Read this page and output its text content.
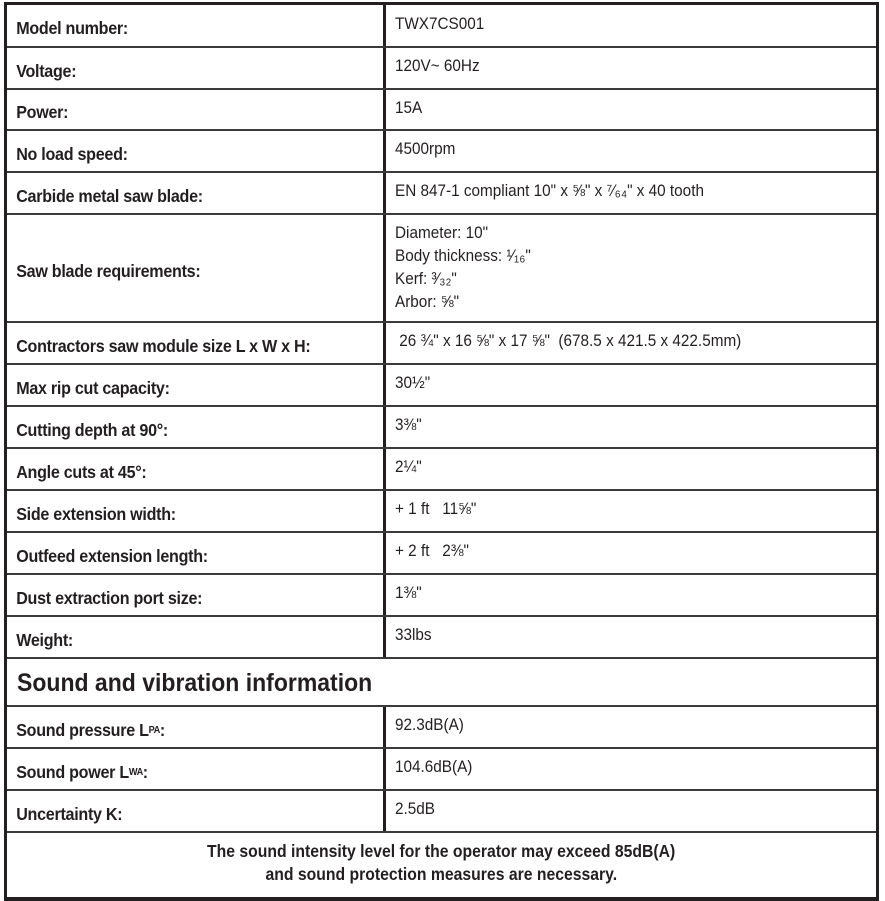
Model number:	TWX7CS001
Voltage:	120V~ 60Hz
Power:	15A
No load speed:	4500rpm
Carbide metal saw blade:	EN 847-1 compliant 10" x ⅝" x ⁷⁄₆₄" x 40 tooth
Saw blade requirements:
Diameter: 10"
Body thickness: ¹⁄₁₆"
Kerf: ³⁄₃₂"
Arbor: ⅝"
Contractors saw module size L x W x H:	26 ¾" x 16 ⅝" x 17 ⅝"  (678.5 x 421.5 x 422.5mm)
Max rip cut capacity:	30½"
Cutting depth at 90°:	3⅜"
Angle cuts at 45°:	2¼"
Side extension width:	+ 1 ft   11⅝"
Outfeed extension length:	+ 2 ft   2⅜"
Dust extraction port size:	1⅜"
Weight:	33lbs
Sound and vibration information
Sound pressure L PA :	92.3dB(A)
Sound power L WA :	104.6dB(A)
Uncertainty K:	2.5dB
The sound intensity level for the operator may exceed 85dB(A)
and sound protection measures are necessary.
